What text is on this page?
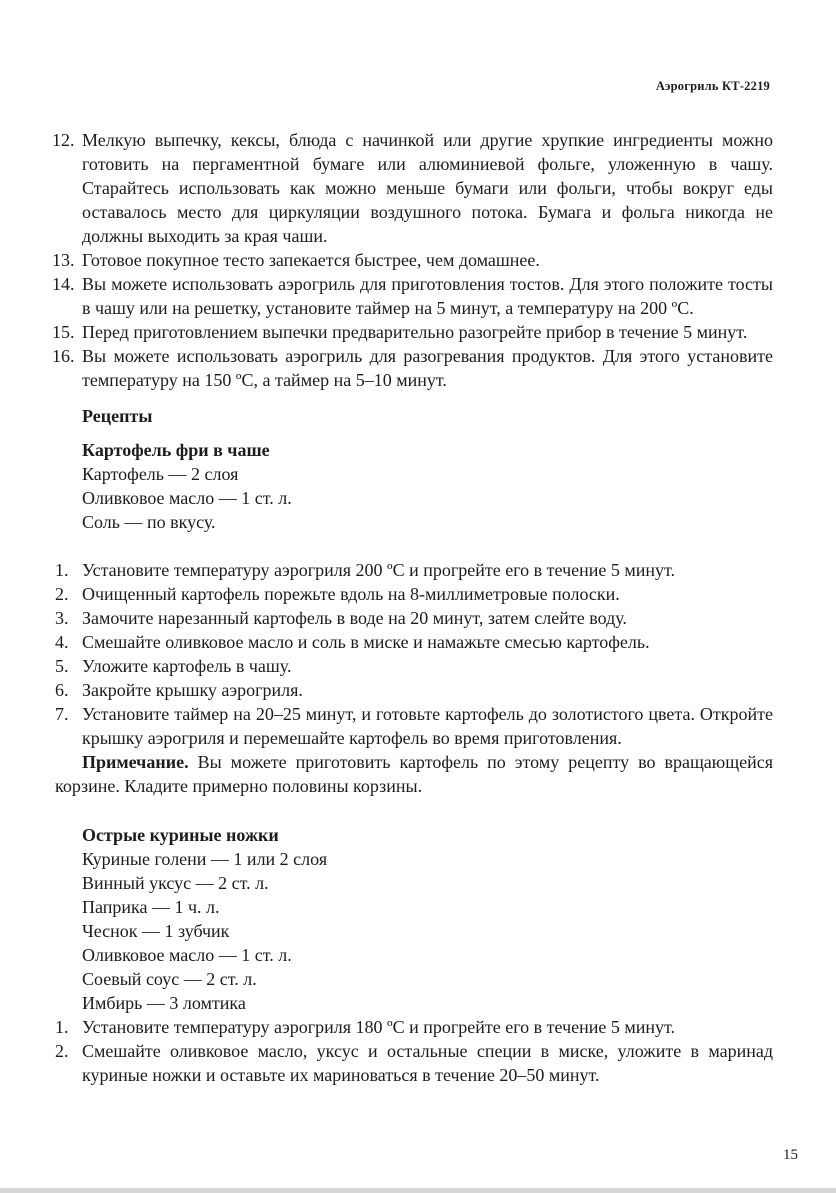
Аэрогриль КТ-2219
12. Мелкую выпечку, кексы, блюда с начинкой или другие хрупкие ингредиенты можно готовить на пергаментной бумаге или алюминиевой фольге, уложенную в чашу. Старайтесь использовать как можно меньше бумаги или фольги, чтобы вокруг еды оставалось место для циркуляции воздушного потока. Бумага и фольга никогда не должны выходить за края чаши.
13. Готовое покупное тесто запекается быстрее, чем домашнее.
14. Вы можете использовать аэрогриль для приготовления тостов. Для этого положите тосты в чашу или на решетку, установите таймер на 5 минут, а температуру на 200 ºС.
15. Перед приготовлением выпечки предварительно разогрейте прибор в течение 5 минут.
16. Вы можете использовать аэрогриль для разогревания продуктов. Для этого установите температуру на 150 ºС, а таймер на 5–10 минут.
Рецепты
Картофель фри в чаше
Картофель — 2 слоя
Оливковое масло — 1 ст. л.
Соль — по вкусу.
1. Установите температуру аэрогриля 200 ºС и прогрейте его в течение 5 минут.
2. Очищенный картофель порежьте вдоль на 8-миллиметровые полоски.
3. Замочите нарезанный картофель в воде на 20 минут, затем слейте воду.
4. Смешайте оливковое масло и соль в миске и намажьте смесью картофель.
5. Уложите картофель в чашу.
6. Закройте крышку аэрогриля.
7. Установите таймер на 20–25 минут, и готовьте картофель до золотистого цвета. Откройте крышку аэрогриля и перемешайте картофель во время приготовления.

Примечание. Вы можете приготовить картофель по этому рецепту во вращающейся корзине. Кладите примерно половины корзины.

Острые куриные ножки
Куриные голени — 1 или 2 слоя
Винный уксус — 2 ст. л.
Паприка — 1 ч. л.
Чеснок — 1 зубчик
Оливковое масло — 1 ст. л.
Соевый соус — 2 ст. л.
Имбирь — 3 ломтика
1. Установите температуру аэрогриля 180 ºС и прогрейте его в течение 5 минут.
2. Смешайте оливковое масло, уксус и остальные специи в миске, уложите в маринад куриные ножки и оставьте их мариноваться в течение 20–50 минут.
15
